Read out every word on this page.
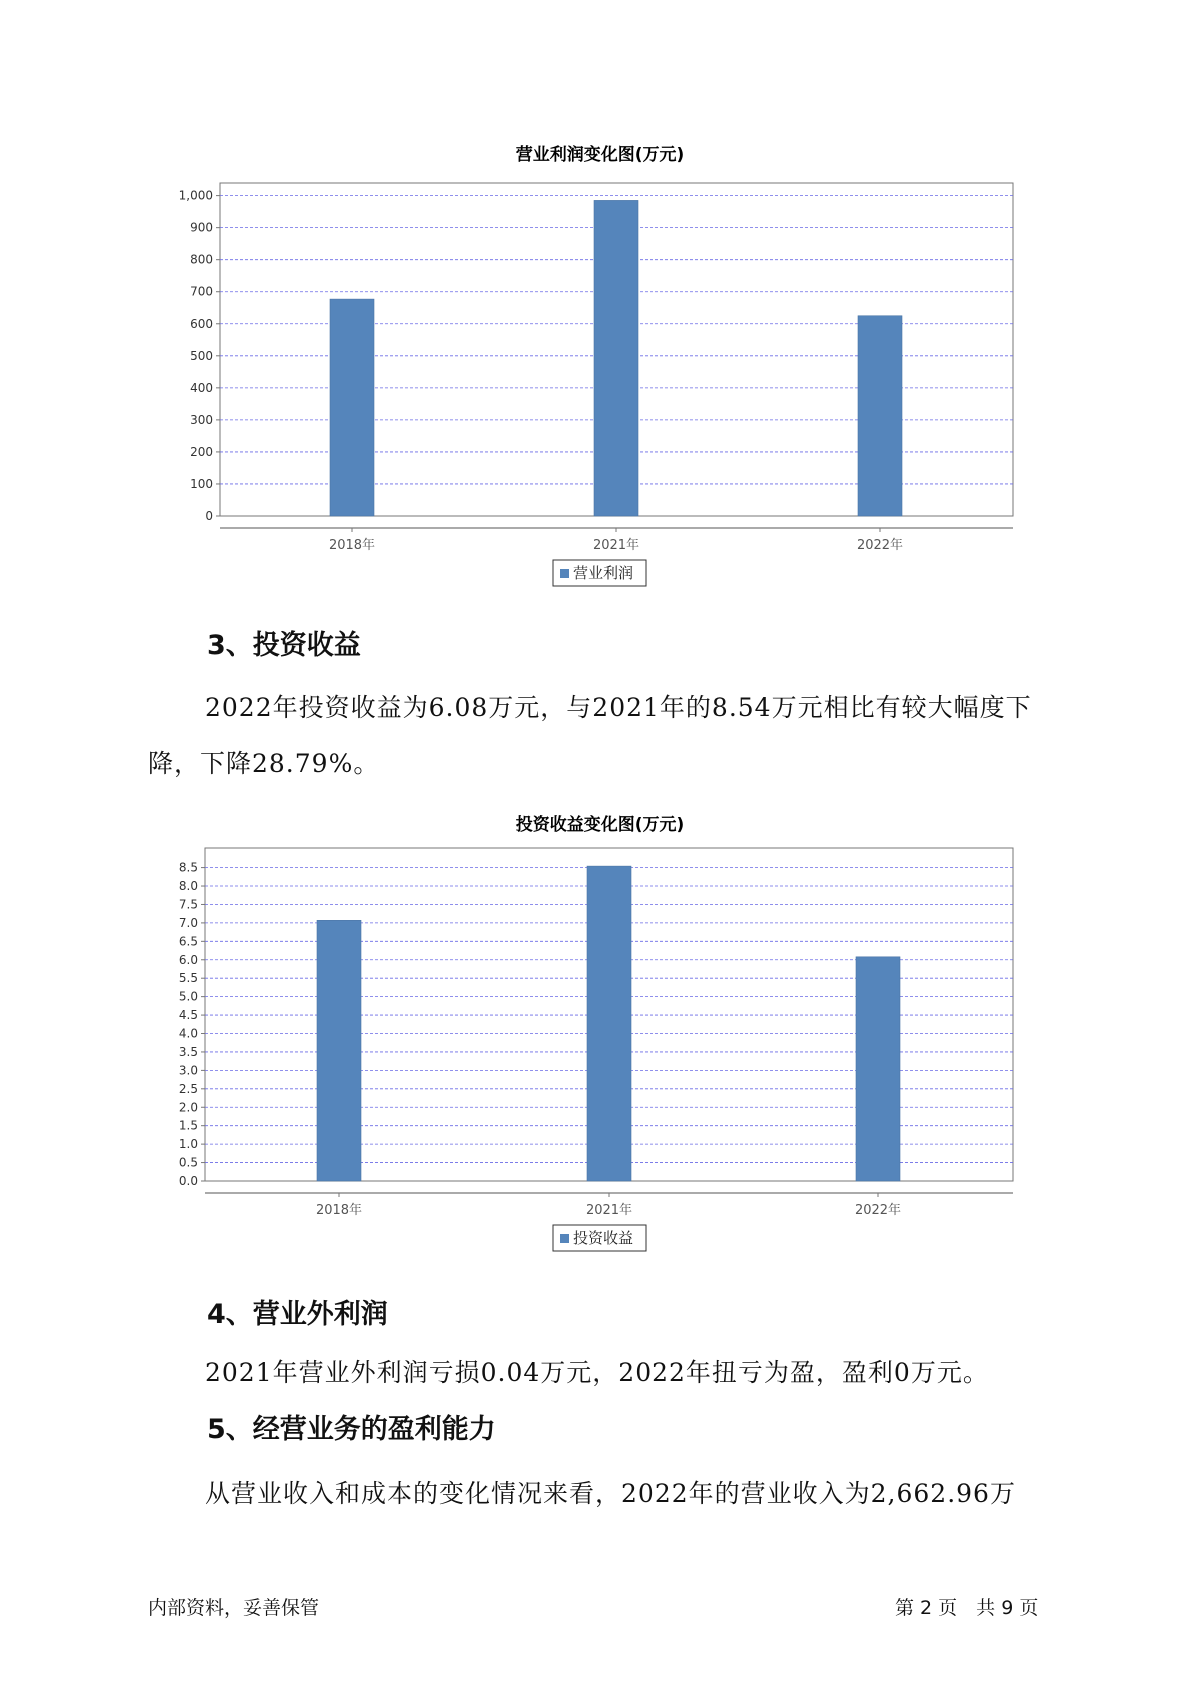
营业利润变化图(万元)
0
100
200
300
400
500
600
700
800
900
1,000
2018年	2021年	2022年
营业利润
3、投资收益
2022年投资收益为6.08万元，与2021年的8.54万元相比有较大幅度下
降，下降28.79%。
投资收益变化图(万元)
0.0
0.5
1.0
1.5
2.0
2.5
3.0
3.5
4.0
4.5
5.0
5.5
6.0
6.5
7.0
7.5
8.0
8.5
2018年	2021年	2022年
投资收益
4、营业外利润
2021年营业外利润亏损0.04万元，2022年扭亏为盈，盈利0万元。
5、经营业务的盈利能力
从营业收入和成本的变化情况来看，2022年的营业收入为2,662.96万
内部资料，妥善保管	第 2 页　共 9 页
